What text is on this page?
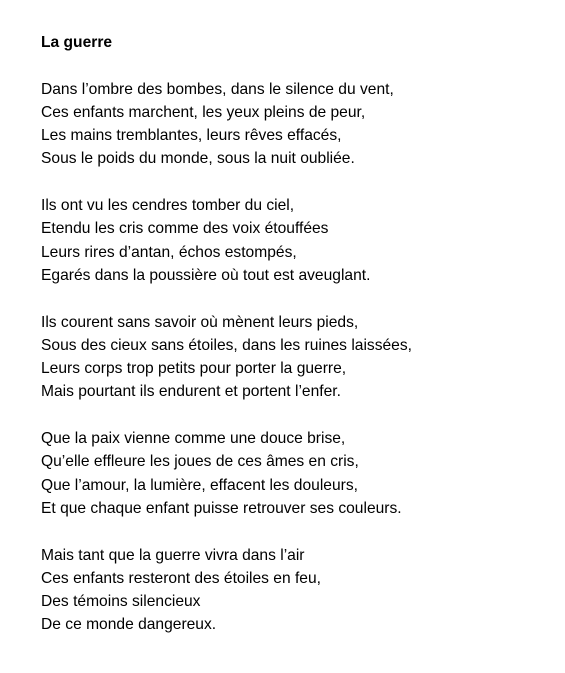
La guerre
Dans l’ombre des bombes, dans le silence du vent,
Ces enfants marchent, les yeux pleins de peur,
Les mains tremblantes, leurs rêves effacés,
Sous le poids du monde, sous la nuit oubliée.
Ils ont vu les cendres tomber du ciel,
Etendu les cris comme des voix étouffées
Leurs rires d’antan, échos estompés,
Egarés dans la poussière où tout est aveuglant.
Ils courent sans savoir où mènent leurs pieds,
Sous des cieux sans étoiles, dans les ruines laissées,
Leurs corps trop petits pour porter la guerre,
Mais pourtant ils endurent et portent l’enfer.
Que la paix vienne comme une douce brise,
Qu’elle effleure les joues de ces âmes en cris,
Que l’amour, la lumière, effacent les douleurs,
Et que chaque enfant puisse retrouver ses couleurs.
Mais tant que la guerre vivra dans l’air
Ces enfants resteront des étoiles en feu,
Des témoins silencieux
De ce monde dangereux.
